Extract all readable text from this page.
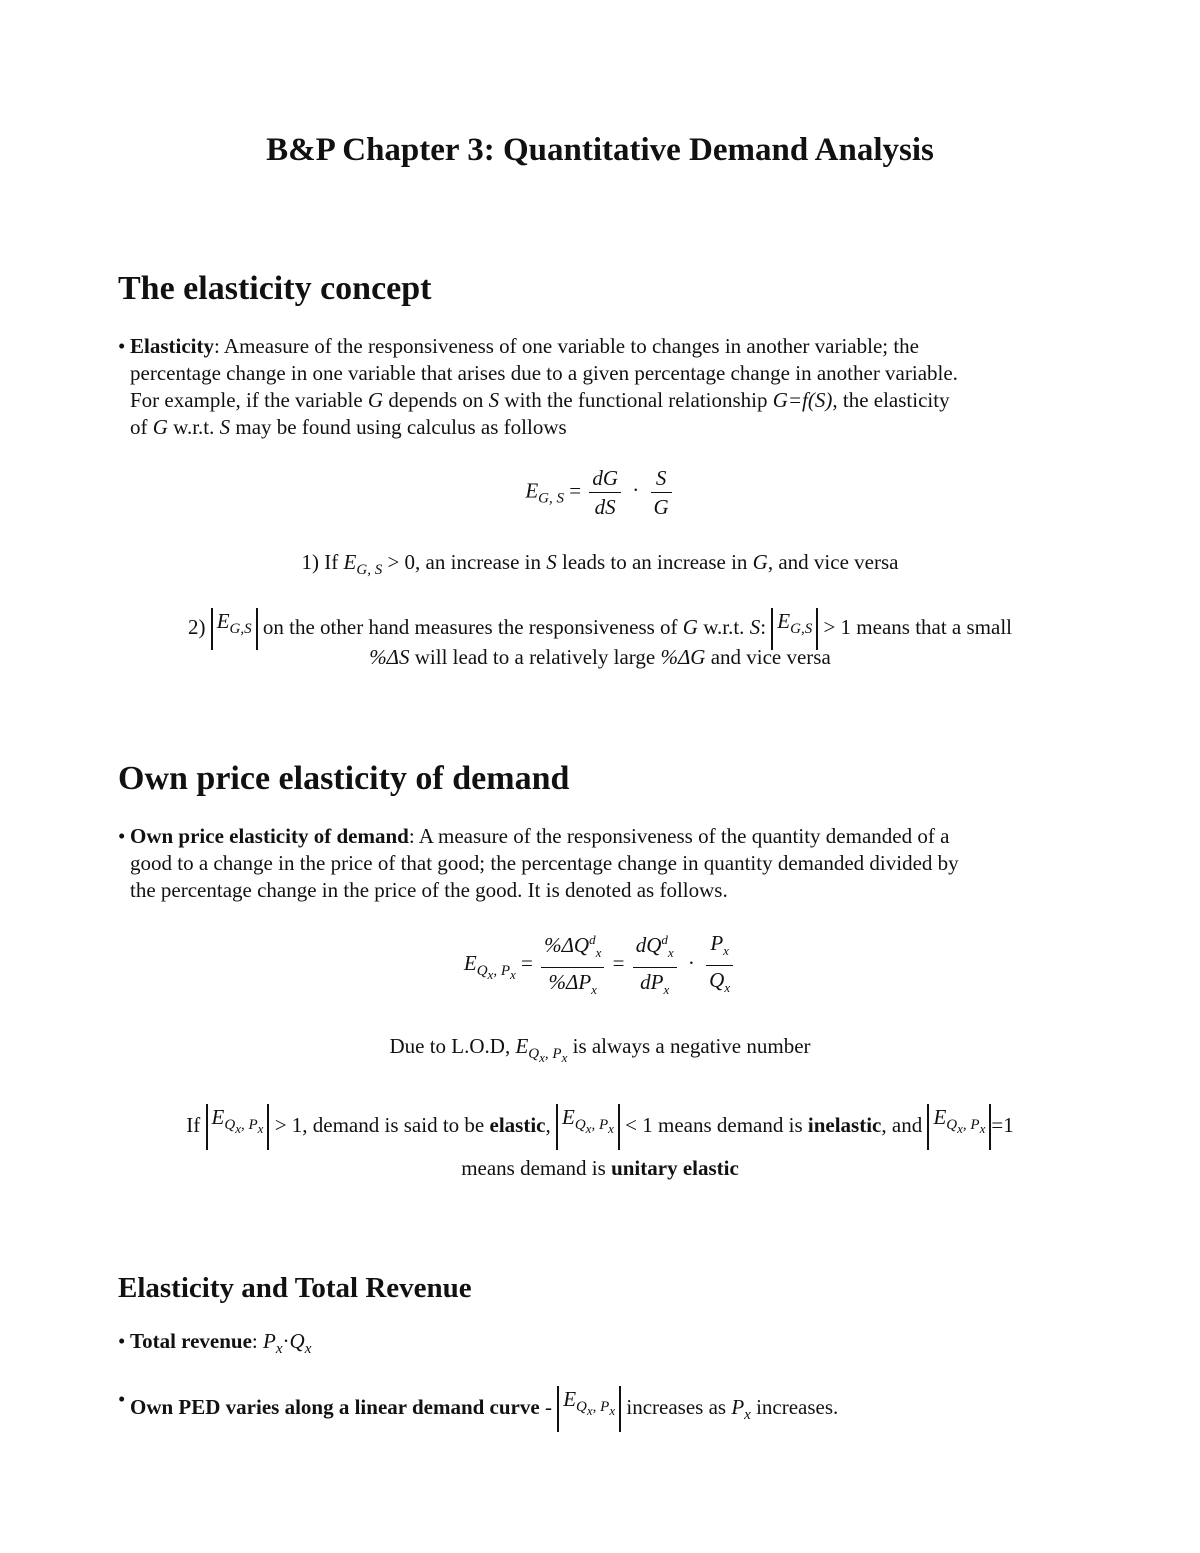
B&P Chapter 3: Quantitative Demand Analysis
The elasticity concept
• Elasticity: Ameasure of the responsiveness of one variable to changes in another variable; the
percentage change in one variable that arises due to a given percentage change in another variable.
For example, if the variable G depends on S with the functional relationship G=f(S), the elasticity
of G w.r.t. S may be found using calculus as follows
$E_{G, S} = \frac{dG}{dS} \cdot \frac{S}{G}$
1) If $E_{G, S} > 0$, an increase in S leads to an increase in G, and vice versa
2) $E_{G,S}$ on the other hand measures the responsiveness of G w.r.t. S: $E_{G,S} > 1$ means that a small
%ΔS will lead to a relatively large %ΔG and vice versa
Own price elasticity of demand
• Own price elasticity of demand: A measure of the responsiveness of the quantity demanded of a
good to a change in the price of that good; the percentage change in quantity demanded divided by
the percentage change in the price of the good. It is denoted as follows.
$E_{Q_x, P_x} = \frac{\%\Delta Q^d_x}{\%\Delta P_x} = \frac{dQ^d_x}{dP_x} \cdot \frac{P_x}{Q_x}$
Due to L.O.D, $E_{Q_x, P_x}$ is always a negative number
If $E_{Q_x, P_x} > 1$, demand is said to be elastic, $E_{Q_x, P_x} < 1$ means demand is inelastic, and $E_{Q_x, P_x} =1$
means demand is unitary elastic
Elasticity and Total Revenue
• Total revenue: $P_x\cdot Q_x$
• Own PED varies along a linear demand curve - $E_{Q_x, P_x}$ increases as $P_x$ increases.
